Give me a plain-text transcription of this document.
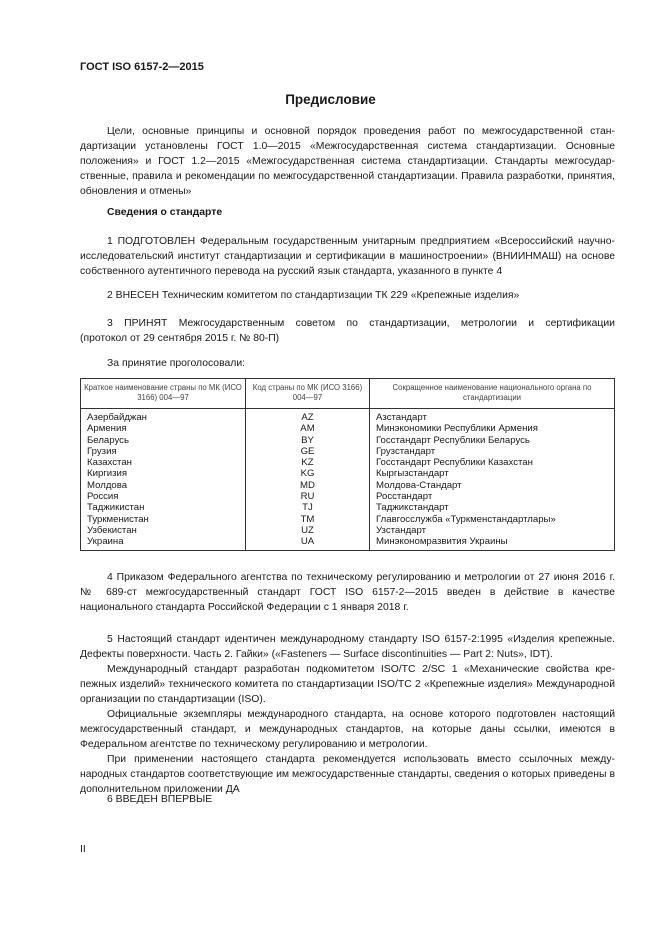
ГОСТ ISO 6157-2—2015
Предисловие
Цели, основные принципы и основной порядок проведения работ по межгосударственной стандартизации установлены ГОСТ 1.0—2015 «Межгосударственная система стандартизации. Основные положения» и ГОСТ 1.2—2015 «Межгосударственная система стандартизации. Стандарты межгосударственные, правила и рекомендации по межгосударственной стандартизации. Правила разработки, принятия, обновления и отмены»
Сведения о стандарте
1 ПОДГОТОВЛЕН Федеральным государственным унитарным предприятием «Всероссийский научно-исследовательский институт стандартизации и сертификации в машиностроении» (ВНИИНМАШ) на основе собственного аутентичного перевода на русский язык стандарта, указанного в пункте 4
2 ВНЕСЕН Техническим комитетом по стандартизации ТК 229 «Крепежные изделия»
3 ПРИНЯТ Межгосударственным советом по стандартизации, метрологии и сертификации
(протокол от 29 сентября 2015 г. № 80-П)
За принятие проголосовали:
Краткое наименование страны по МК (ИСО 3166) 004—97	Код страны по МК (ИСО 3166) 004—97	Сокращенное наименование национального органа по стандартизации
Азербайджан	AZ	Азстандарт
Армения	AM	Минэкономики Республики Армения
Беларусь	BY	Госстандарт Республики Беларусь
Грузия	GE	Грузстандарт
Казахстан	KZ	Госстандарт Республики Казахстан
Киргизия	KG	Кыргызстандарт
Молдова	MD	Молдова-Стандарт
Россия	RU	Росстандарт
Таджикистан	TJ	Таджикстандарт
Туркменистан	TM	Главгосслужба «Туркменстандартлары»
Узбекистан	UZ	Узстандарт
Украина	UA	Минэкономразвития Украины
4 Приказом Федерального агентства по техническому регулированию и метрологии от 27 июня 2016 г. № 689-ст межгосударственный стандарт ГОСТ ISO 6157-2—2015 введен в действие в качестве национального стандарта Российской Федерации с 1 января 2018 г.
5 Настоящий стандарт идентичен международному стандарту ISO 6157-2:1995 «Изделия крепежные. Дефекты поверхности. Часть 2. Гайки» («Fasteners — Surface discontinuities — Part 2: Nuts», IDT).
Международный стандарт разработан подкомитетом ISO/TC 2/SC 1 «Механические свойства крепежных изделий» технического комитета по стандартизации ISO/TC 2 «Крепежные изделия» Международной организации по стандартизации (ISO).
Официальные экземпляры международного стандарта, на основе которого подготовлен настоящий межгосударственный стандарт, и международных стандартов, на которые даны ссылки, имеются в Федеральном агентстве по техническому регулированию и метрологии.
При применении настоящего стандарта рекомендуется использовать вместо ссылочных международных стандартов соответствующие им межгосударственные стандарты, сведения о которых приведены в дополнительном приложении ДА
6 ВВЕДЕН ВПЕРВЫЕ
II
